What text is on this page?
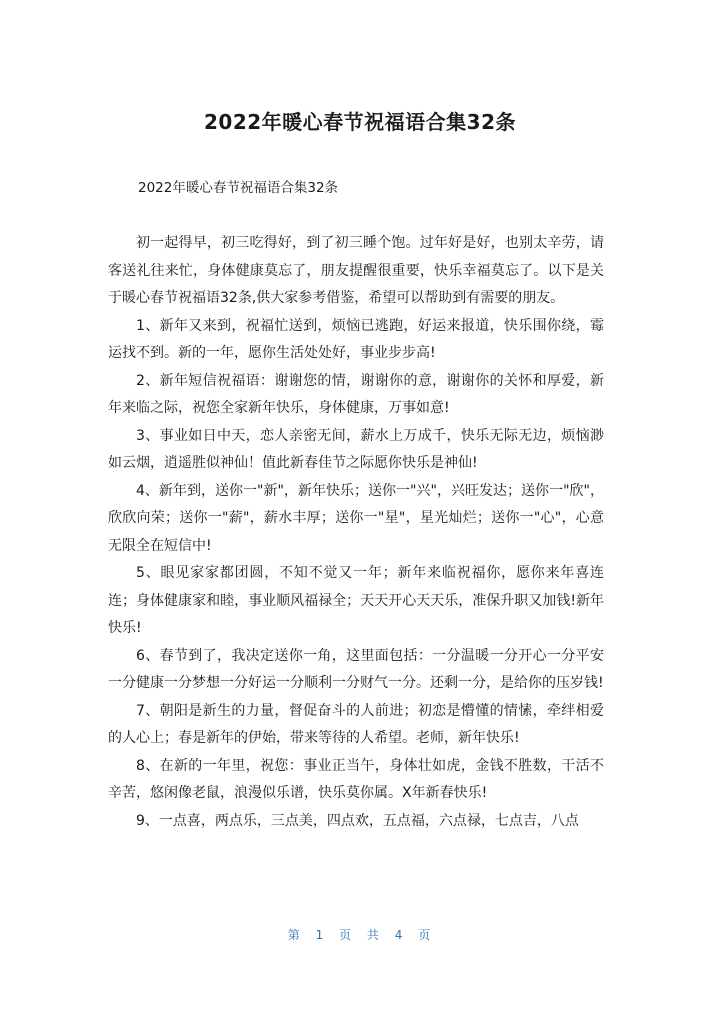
2022年暖心春节祝福语合集32条

2022年暖心春节祝福语合集32条

初一起得早，初三吃得好，到了初三睡个饱。过年好是好，也别太辛劳，请客送礼往来忙，身体健康莫忘了，朋友提醒很重要，快乐幸福莫忘了。以下是关于暖心春节祝福语32条,供大家参考借鉴，希望可以帮助到有需要的朋友。

1、新年又来到，祝福忙送到，烦恼已逃跑，好运来报道，快乐围你绕，霉运找不到。新的一年，愿你生活处处好，事业步步高!

2、新年短信祝福语：谢谢您的情，谢谢你的意，谢谢你的关怀和厚爱，新年来临之际，祝您全家新年快乐，身体健康，万事如意!

3、事业如日中天，恋人亲密无间，薪水上万成千，快乐无际无边，烦恼渺如云烟，逍遥胜似神仙！值此新春佳节之际愿你快乐是神仙!

4、新年到，送你一"新"，新年快乐；送你一"兴"，兴旺发达；送你一"欣"，欣欣向荣；送你一"薪"，薪水丰厚；送你一"星"，星光灿烂；送你一"心"，心意无限全在短信中!

5、眼见家家都团圆，不知不觉又一年；新年来临祝福你，愿你来年喜连连；身体健康家和睦，事业顺风福禄全；天天开心天天乐，准保升职又加钱!新年快乐!

6、春节到了，我决定送你一角，这里面包括：一分温暖一分开心一分平安一分健康一分梦想一分好运一分顺利一分财气一分。还剩一分，是给你的压岁钱!

7、朝阳是新生的力量，督促奋斗的人前进；初恋是懵懂的情愫，牵绊相爱的人心上；春是新年的伊始，带来等待的人希望。老师，新年快乐!

8、在新的一年里，祝您：事业正当午，身体壮如虎，金钱不胜数，干活不辛苦，悠闲像老鼠，浪漫似乐谱，快乐莫你属。X年新春快乐!

9、一点喜，两点乐，三点美，四点欢，五点福，六点禄，七点吉，八点

第 1 页 共 4 页
